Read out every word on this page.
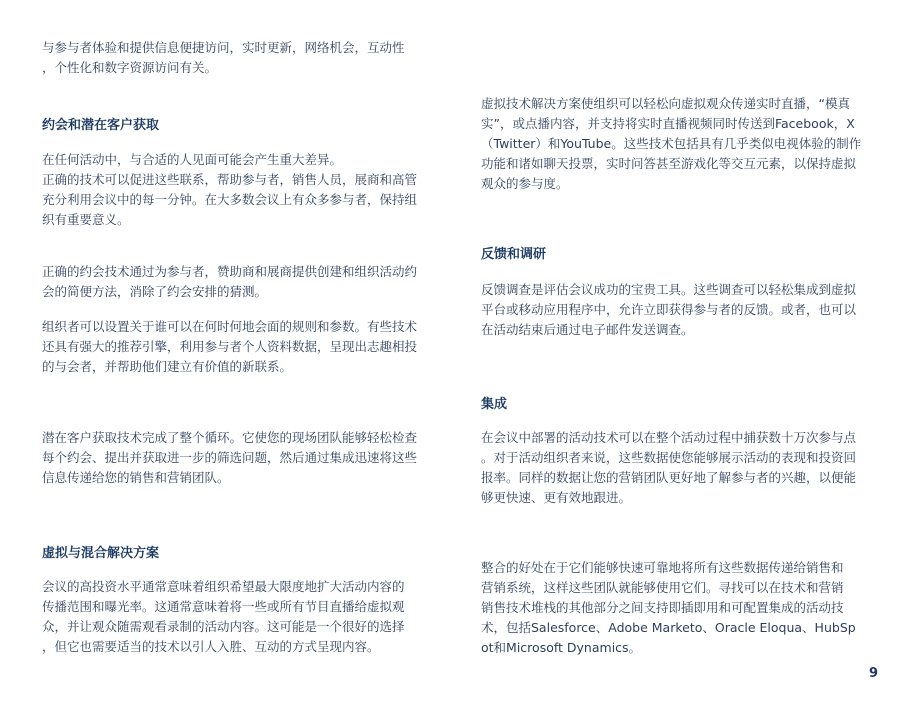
与参与者体验和提供信息便捷访问，实时更新，网络机会，互动性
，个性化和数字资源访问有关。

约会和潜在客户获取

在任何活动中，与合适的人见面可能会产生重大差异。
正确的技术可以促进这些联系，帮助参与者，销售人员，展商和高管
充分利用会议中的每一分钟。在大多数会议上有众多参与者，保持组
织有重要意义。

正确的约会技术通过为参与者，赞助商和展商提供创建和组织活动约
会的简便方法，消除了约会安排的猜测。

组织者可以设置关于谁可以在何时何地会面的规则和参数。有些技术
还具有强大的推荐引擎，利用参与者个人资料数据，呈现出志趣相投
的与会者，并帮助他们建立有价值的新联系。

潜在客户获取技术完成了整个循环。它使您的现场团队能够轻松检查
每个约会、提出并获取进一步的筛选问题，然后通过集成迅速将这些
信息传递给您的销售和营销团队。

虚拟与混合解决方案

会议的高投资水平通常意味着组织希望最大限度地扩大活动内容的
传播范围和曝光率。这通常意味着将一些或所有节目直播给虚拟观
众，并让观众随需观看录制的活动内容。这可能是一个很好的选择
，但它也需要适当的技术以引人入胜、互动的方式呈现内容。

虚拟技术解决方案使组织可以轻松向虚拟观众传递实时直播，“模真
实”，或点播内容，并支持将实时直播视频同时传送到Facebook，X
（Twitter）和YouTube。这些技术包括具有几乎类似电视体验的制作
功能和诸如聊天投票，实时问答甚至游戏化等交互元素，以保持虚拟
观众的参与度。

反馈和调研

反馈调查是评估会议成功的宝贵工具。这些调查可以轻松集成到虚拟
平台或移动应用程序中，允许立即获得参与者的反馈。或者，也可以
在活动结束后通过电子邮件发送调查。

集成

在会议中部署的活动技术可以在整个活动过程中捕获数十万次参与点
。对于活动组织者来说，这些数据使您能够展示活动的表现和投资回
报率。同样的数据让您的营销团队更好地了解参与者的兴趣，以便能
够更快速、更有效地跟进。

整合的好处在于它们能够快速可靠地将所有这些数据传递给销售和
营销系统，这样这些团队就能够使用它们。寻找可以在技术和营销
销售技术堆栈的其他部分之间支持即插即用和可配置集成的活动技
术，包括Salesforce、Adobe Marketo、Oracle Eloqua、HubSp
ot和Microsoft Dynamics。

9
